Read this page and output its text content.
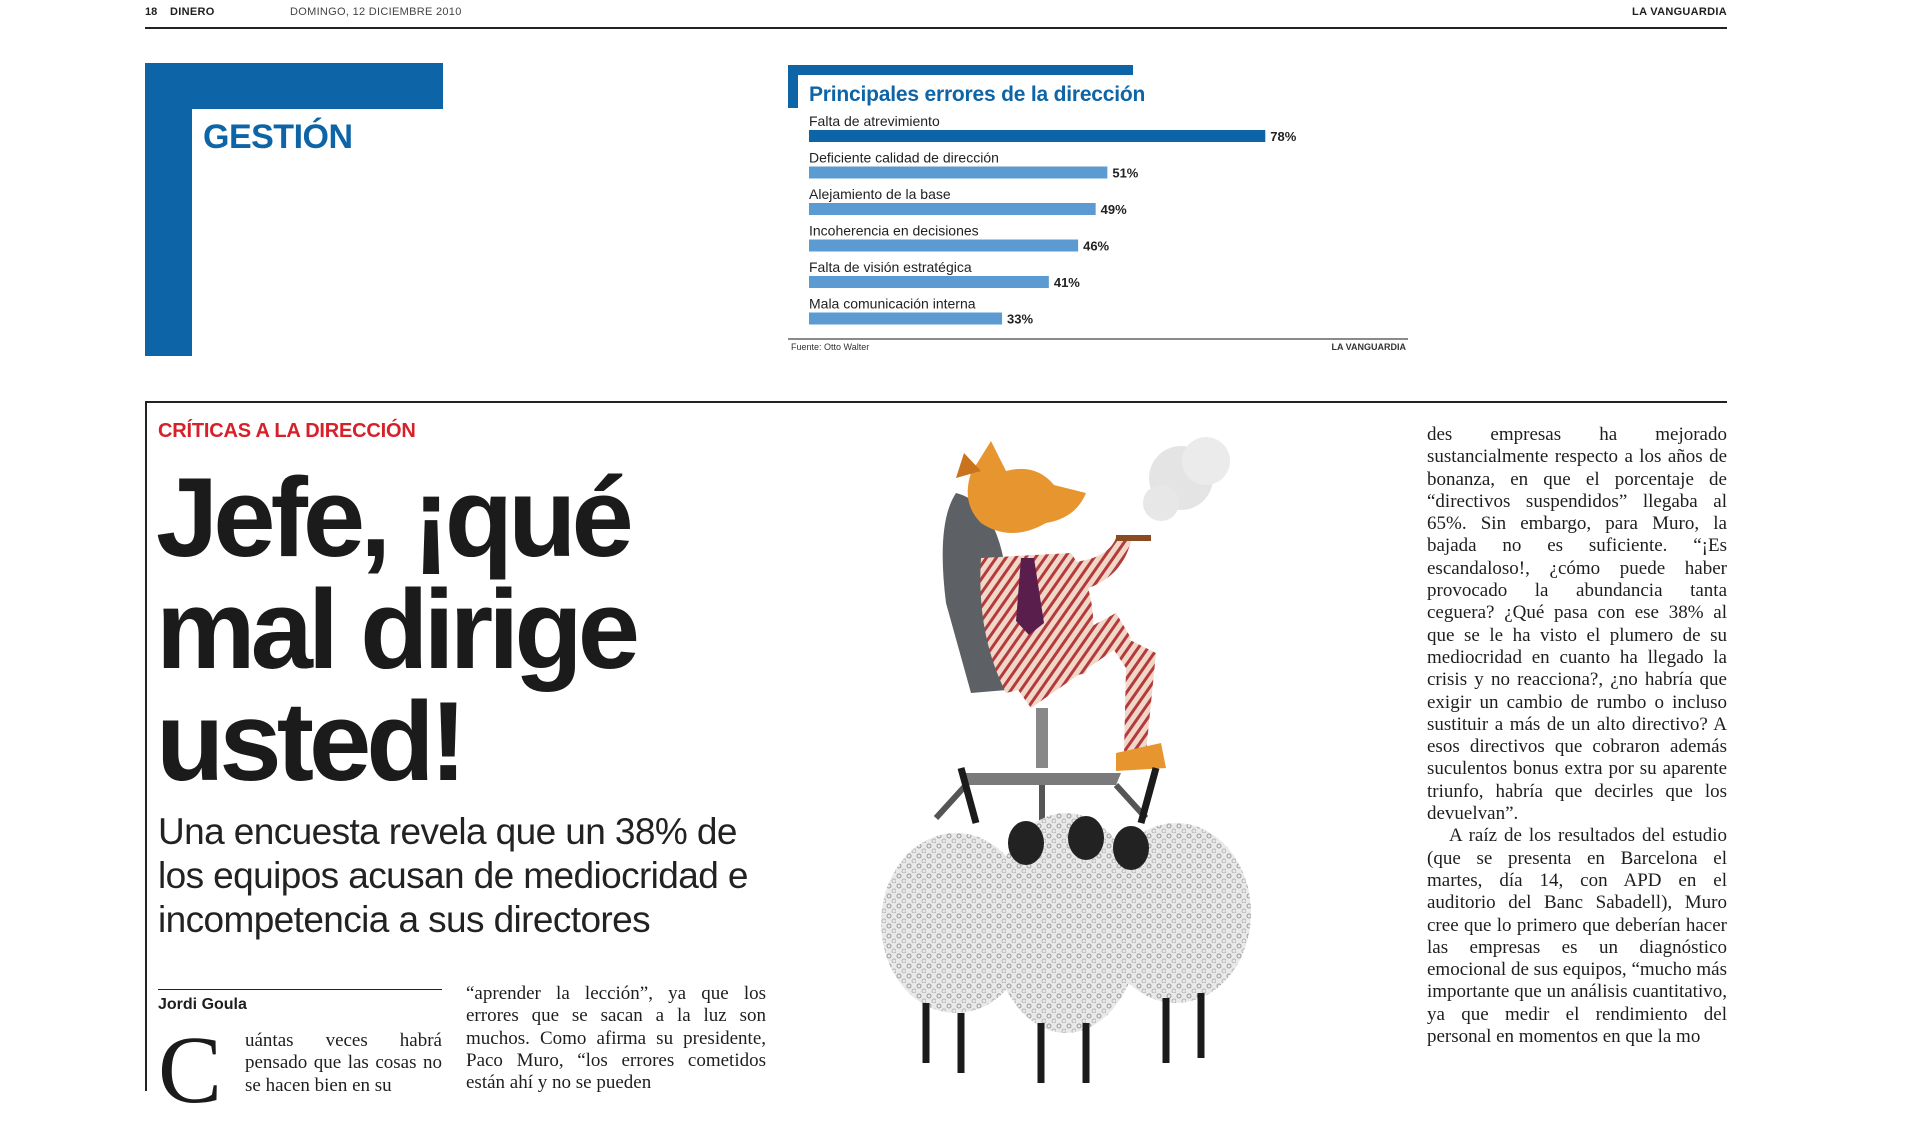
18 DINERO	DOMINGO, 12 DICIEMBRE 2010	LA VANGUARDIA
GESTIÓN
Principales errores de la dirección
Falta de atrevimiento
78%
Deficiente calidad de dirección
51%
Alejamiento de la base
49%
Incoherencia en decisiones
46%
Falta de visión estratégica
41%
Mala comunicación interna
33%
Fuente: Otto Walter	LA VANGUARDIA
CRÍTICAS A LA DIRECCIÓN
Jefe, ¡qué mal dirige usted!

Una encuesta revela que un 38% de los equipos acusan de mediocridad e incompetencia a sus directores

Jordi Goula
C uántas veces habrá pensado que las cosas no se hacen bien en su

“aprender la lección”, ya que los errores que se sacan a la luz son muchos. Como afirma su presidente, Paco Muro, “los errores cometidos están ahí y no se pueden

des empresas ha mejorado sustancialmente respecto a los años de bonanza, en que el porcentaje de “directivos suspendidos” llegaba al 65%. Sin embargo, para Muro, la bajada no es suficiente. “¡Es escandaloso!, ¿cómo puede haber provocado la abundancia tanta ceguera? ¿Qué pasa con ese 38% al que se le ha visto el plumero de su mediocridad en cuanto ha llegado la crisis y no reacciona?, ¿no habría que exigir un cambio de rumbo o incluso sustituir a más de un alto directivo? A esos directivos que cobraron además suculentos bonus extra por su aparente triunfo, habría que decirles que los devuelvan”.

A raíz de los resultados del estudio (que se presenta en Barcelona el martes, día 14, con APD en el auditorio del Banc Sabadell), Muro cree que lo primero que deberían hacer las empresas es un diagnóstico emocional de sus equipos, “mucho más importante que un análisis cuantitativo, ya que medir el rendimiento del personal en momentos en que la mo
